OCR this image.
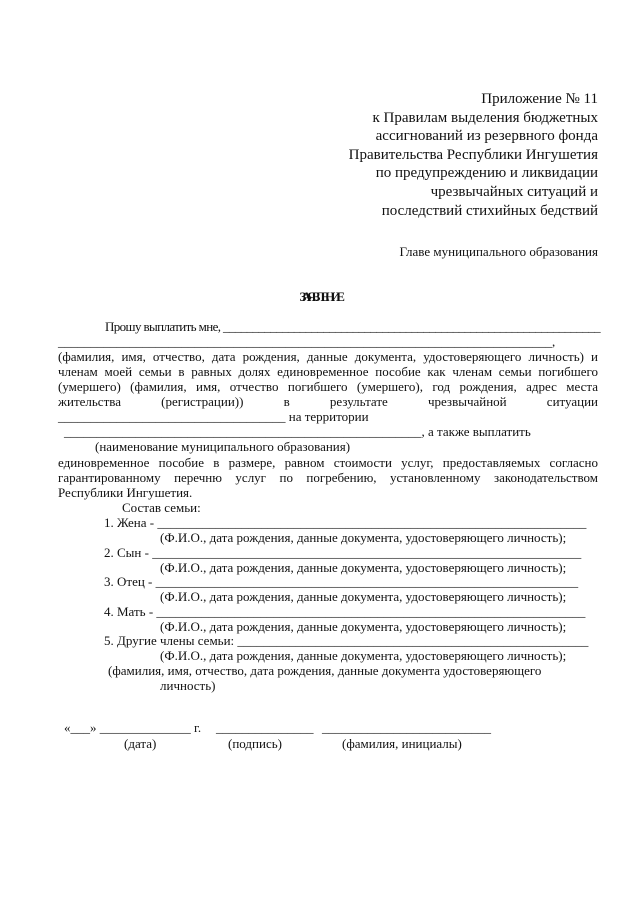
Приложение № 11
к Правилам выделения бюджетных
ассигнований из резервного фонда
Правительства Республики Ингушетия
по предупреждению и ликвидации
чрезвычайных ситуаций и
последствий стихийных бедствий
Главе муниципального образования
ЗАЯВЛЕНИЕ
Прошу выплатить мне, ________________________________________________________________
____________________________________________________________________________,
(фамилия, имя, отчество, дата рождения, данные документа, удостоверяющего личность) и
членам моей семьи в равных долях единовременное пособие как членам семьи погибшего
(умершего) (фамилия, имя, отчество погибшего (умершего), год рождения, адрес места
жительства (регистрации)) в результате чрезвычайной ситуации
___________________________________ на территории
_______________________________________________________, а также выплатить
(наименование муниципального образования)
единовременное пособие в размере, равном стоимости услуг, предоставляемых согласно
гарантированному перечню услуг по погребению, установленному законодательством
Республики Ингушетия.
Состав семьи:
1. Жена - __________________________________________________________________
(Ф.И.О., дата рождения, данные документа, удостоверяющего личность);
2. Сын - __________________________________________________________________
(Ф.И.О., дата рождения, данные документа, удостоверяющего личность);
3. Отец - _________________________________________________________________
(Ф.И.О., дата рождения, данные документа, удостоверяющего личность);
4. Мать - __________________________________________________________________
(Ф.И.О., дата рождения, данные документа, удостоверяющего личность);
5. Другие члены семьи: ______________________________________________________
(Ф.И.О., дата рождения, данные документа, удостоверяющего личность);
(фамилия, имя, отчество, дата рождения, данные документа удостоверяющего
личность)
«___» ______________ г. _______________ __________________________
(дата)	(подпись)	(фамилия, инициалы)
